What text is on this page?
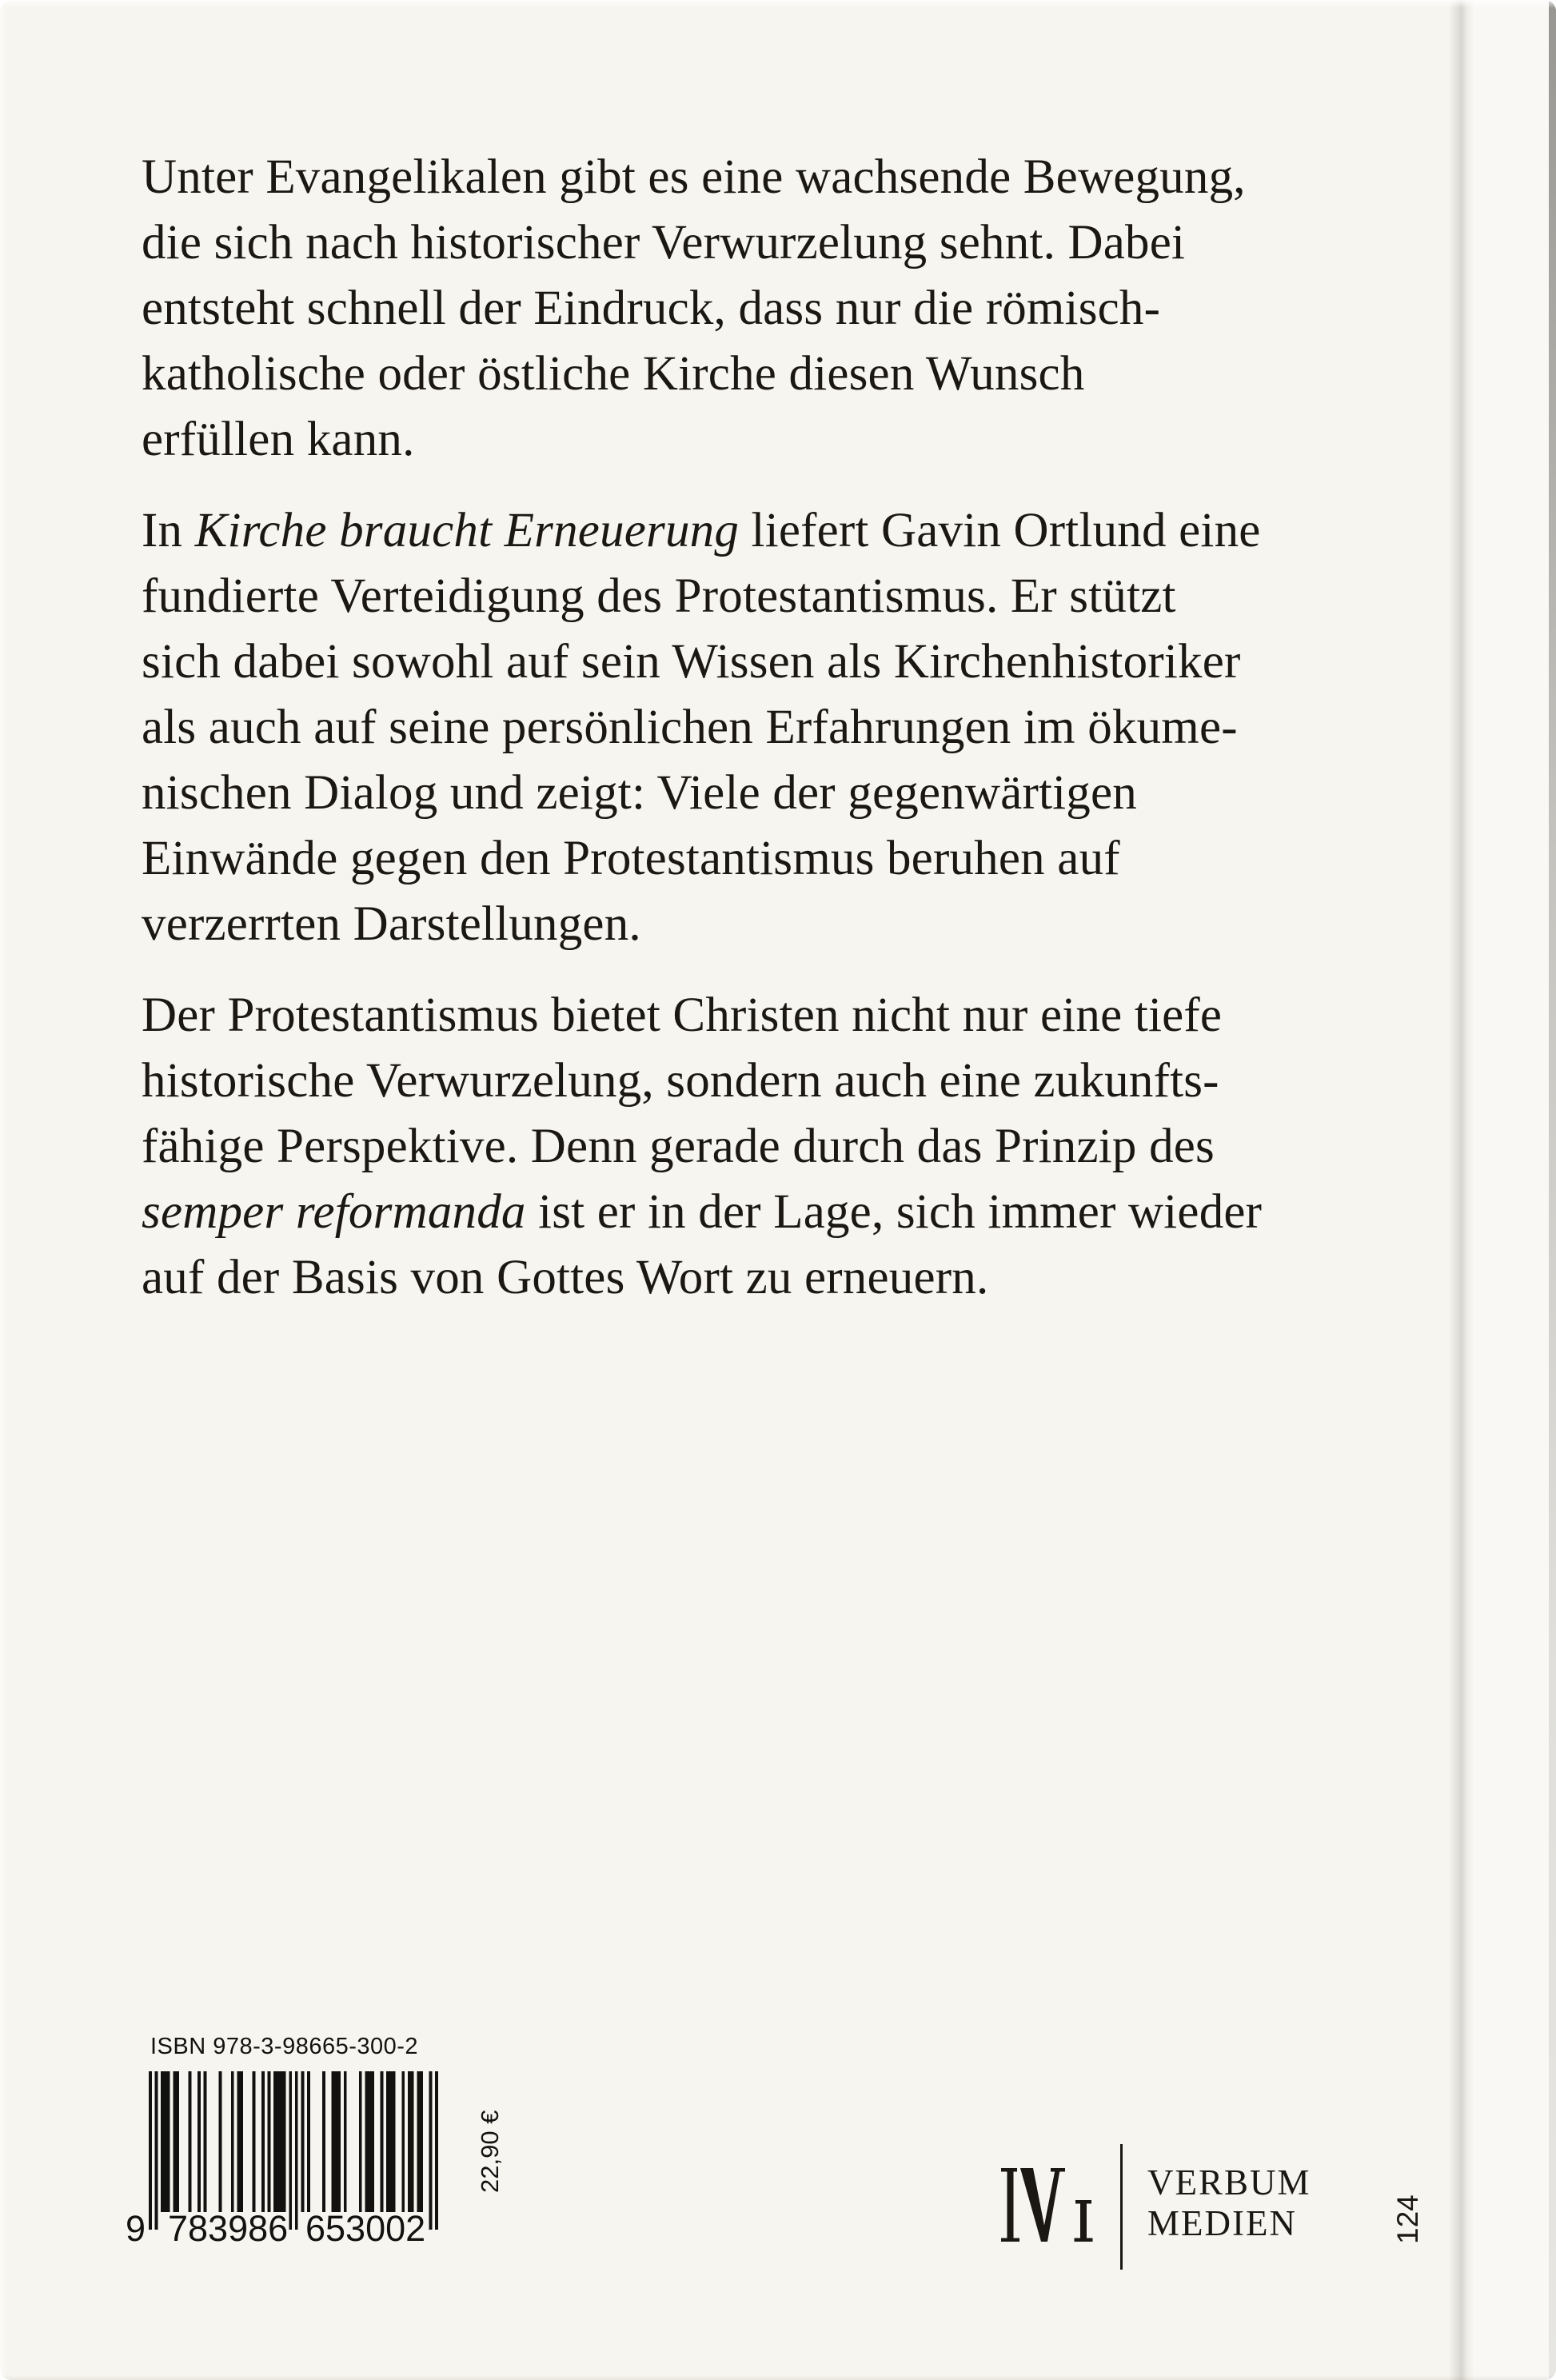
Unter Evangelikalen gibt es eine wachsende Bewegung,
die sich nach historischer Verwurzelung sehnt. Dabei
entsteht schnell der Eindruck, dass nur die römisch-
katholische oder östliche Kirche diesen Wunsch
erfüllen kann.
In Kirche braucht Erneuerung liefert Gavin Ortlund eine
fundierte Verteidigung des Protestantismus. Er stützt
sich dabei sowohl auf sein Wissen als Kirchenhistoriker
als auch auf seine persönlichen Erfahrungen im ökume-
nischen Dialog und zeigt: Viele der gegenwärtigen
Einwände gegen den Protestantismus beruhen auf
verzerrten Darstellungen.
Der Protestantismus bietet Christen nicht nur eine tiefe
historische Verwurzelung, sondern auch eine zukunfts-
fähige Perspektive. Denn gerade durch das Prinzip des
semper reformanda ist er in der Lage, sich immer wieder
auf der Basis von Gottes Wort zu erneuern.
ISBN 978-3-98665-300-2
9 783986 653002
22,90 €	VERBUM
MEDIEN	124
